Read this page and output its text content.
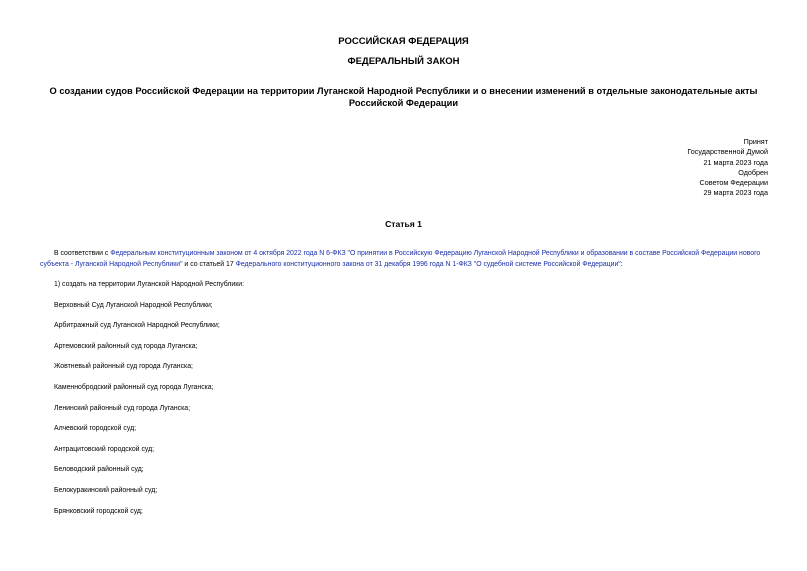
РОССИЙСКАЯ ФЕДЕРАЦИЯ
ФЕДЕРАЛЬНЫЙ ЗАКОН
О создании судов Российской Федерации на территории Луганской Народной Республики и о внесении изменений в отдельные законодательные акты
Российской Федерации
Принят
Государственной Думой
21 марта 2023 года
Одобрен
Советом Федерации
29 марта 2023 года
Статья 1
В соответствии с Федеральным конституционным законом от 4 октября 2022 года N 6-ФКЗ "О принятии в Российскую Федерацию Луганской Народной Республики и образовании в составе Российской Федерации нового субъекта - Луганской Народной Республики" и со статьей 17 Федерального конституционного закона от 31 декабря 1996 года N 1-ФКЗ "О судебной системе Российской Федерации":
1) создать на территории Луганской Народной Республики:
Верховный Суд Луганской Народной Республики;
Арбитражный суд Луганской Народной Республики;
Артемовский районный суд города Луганска;
Жовтневый районный суд города Луганска;
Каменнобродский районный суд города Луганска;
Ленинский районный суд города Луганска;
Алчевский городской суд;
Антрацитовский городской суд;
Беловодский районный суд;
Белокуракинский районный суд;
Брянковский городской суд;
